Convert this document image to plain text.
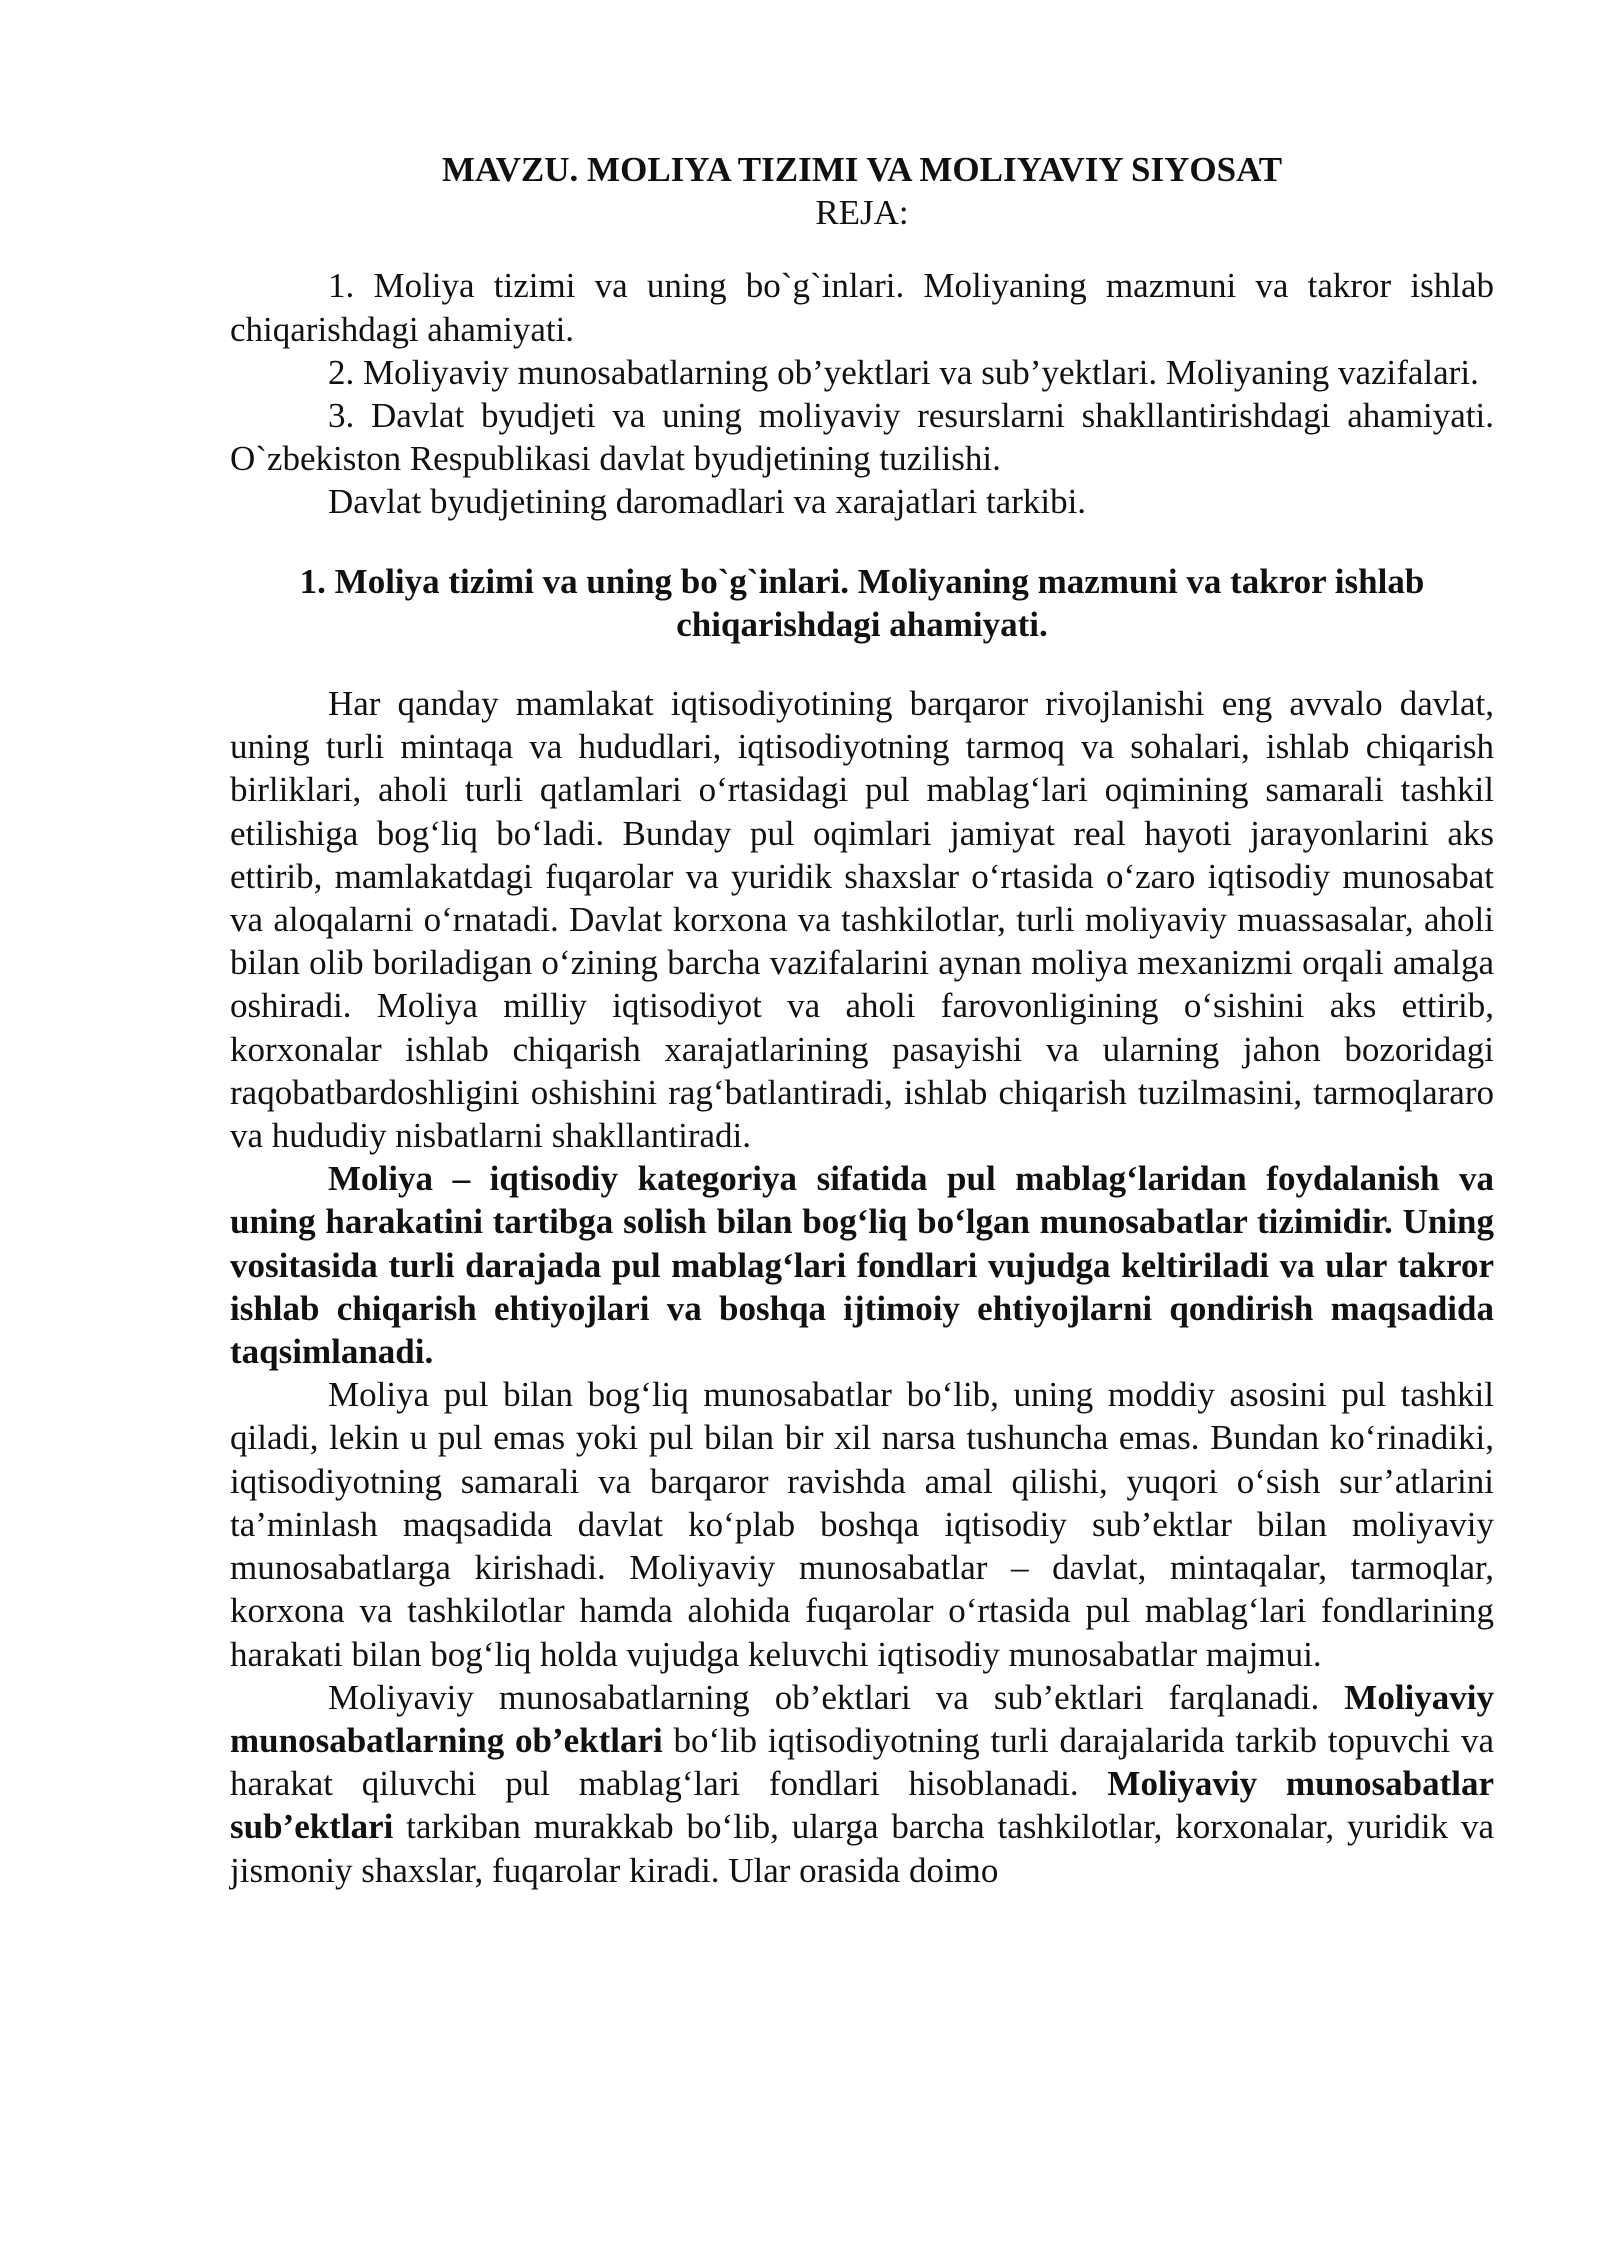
MAVZU. MOLIYA TIZIMI VA MOLIYAVIY SIYOSAT
REJA:

1. Moliya tizimi va uning bo`g`inlari. Moliyaning mazmuni va takror ishlab chiqarishdagi ahamiyati.

2. Moliyaviy munosabatlarning ob’yektlari va sub’yektlari. Moliyaning vazifalari.

3. Davlat byudjeti va uning moliyaviy resurslarni shakllantirishdagi ahamiyati. O`zbekiston Respublikasi davlat byudjetining tuzilishi.

Davlat byudjetining daromadlari va xarajatlari tarkibi.

1. Moliya tizimi va uning bo`g`inlari. Moliyaning mazmuni va takror ishlab
chiqarishdagi ahamiyati.

Har qanday mamlakat iqtisodiyotining barqaror rivojlanishi eng avvalo davlat, uning turli mintaqa va hududlari, iqtisodiyotning tarmoq va sohalari, ishlab chiqarish birliklari, aholi turli qatlamlari o‘rtasidagi pul mablag‘lari oqimining samarali tashkil etilishiga bog‘liq bo‘ladi. Bunday pul oqimlari jamiyat real hayoti jarayonlarini aks ettirib, mamlakatdagi fuqarolar va yuridik shaxslar o‘rtasida o‘zaro iqtisodiy munosabat va aloqalarni o‘rnatadi. Davlat korxona va tashkilotlar, turli moliyaviy muassasalar, aholi bilan olib boriladigan o‘zining barcha vazifalarini aynan moliya mexanizmi orqali amalga oshiradi. Moliya milliy iqtisodiyot va aholi farovonligining o‘sishini aks ettirib, korxonalar ishlab chiqarish xarajatlarining pasayishi va ularning jahon bozoridagi raqobatbardoshligini oshishini rag‘batlantiradi, ishlab chiqarish tuzilmasini, tarmoqlararo va hududiy nisbatlarni shakllantiradi.

Moliya – iqtisodiy kategoriya sifatida pul mablag‘laridan foydalanish va uning harakatini tartibga solish bilan bog‘liq bo‘lgan munosabatlar tizimidir. Uning vositasida turli darajada pul mablag‘lari fondlari vujudga keltiriladi va ular takror ishlab chiqarish ehtiyojlari va boshqa ijtimoiy ehtiyojlarni qondirish maqsadida taqsimlanadi.

Moliya pul bilan bog‘liq munosabatlar bo‘lib, uning moddiy asosini pul tashkil qiladi, lekin u pul emas yoki pul bilan bir xil narsa tushuncha emas. Bundan ko‘rinadiki, iqtisodiyotning samarali va barqaror ravishda amal qilishi, yuqori o‘sish sur’atlarini ta’minlash maqsadida davlat ko‘plab boshqa iqtisodiy sub’ektlar bilan moliyaviy munosabatlarga kirishadi. Moliyaviy munosabatlar – davlat, mintaqalar, tarmoqlar, korxona va tashkilotlar hamda alohida fuqarolar o‘rtasida pul mablag‘lari fondlarining harakati bilan bog‘liq holda vujudga keluvchi iqtisodiy munosabatlar majmui.

Moliyaviy munosabatlarning ob’ektlari va sub’ektlari farqlanadi. Moliyaviy munosabatlarning ob’ektlari bo‘lib iqtisodiyotning turli darajalarida tarkib topuvchi va harakat qiluvchi pul mablag‘lari fondlari hisoblanadi. Moliyaviy munosabatlar sub’ektlari tarkiban murakkab bo‘lib, ularga barcha tashkilotlar, korxonalar, yuridik va jismoniy shaxslar, fuqarolar kiradi. Ular orasida doimo
